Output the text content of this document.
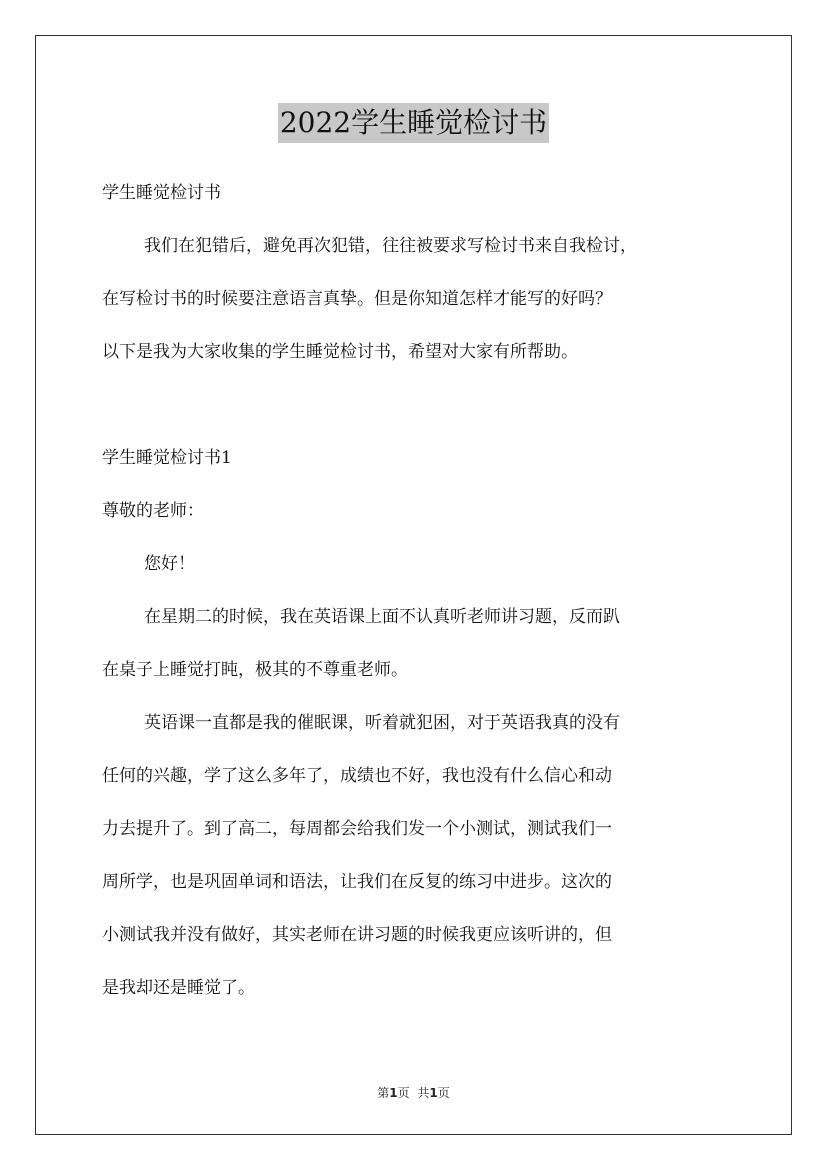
2022学生睡觉检讨书
学生睡觉检讨书
我们在犯错后，避免再次犯错，往往被要求写检讨书来自我检讨，
在写检讨书的时候要注意语言真挚。但是你知道怎样才能写的好吗？
以下是我为大家收集的学生睡觉检讨书，希望对大家有所帮助。
学生睡觉检讨书1
尊敬的老师：
您好！
在星期二的时候，我在英语课上面不认真听老师讲习题，反而趴
在桌子上睡觉打盹，极其的不尊重老师。
英语课一直都是我的催眠课，听着就犯困，对于英语我真的没有
任何的兴趣，学了这么多年了，成绩也不好，我也没有什么信心和动
力去提升了。到了高二，每周都会给我们发一个小测试，测试我们一
周所学，也是巩固单词和语法，让我们在反复的练习中进步。这次的
小测试我并没有做好，其实老师在讲习题的时候我更应该听讲的，但
是我却还是睡觉了。
第1页 共1页
